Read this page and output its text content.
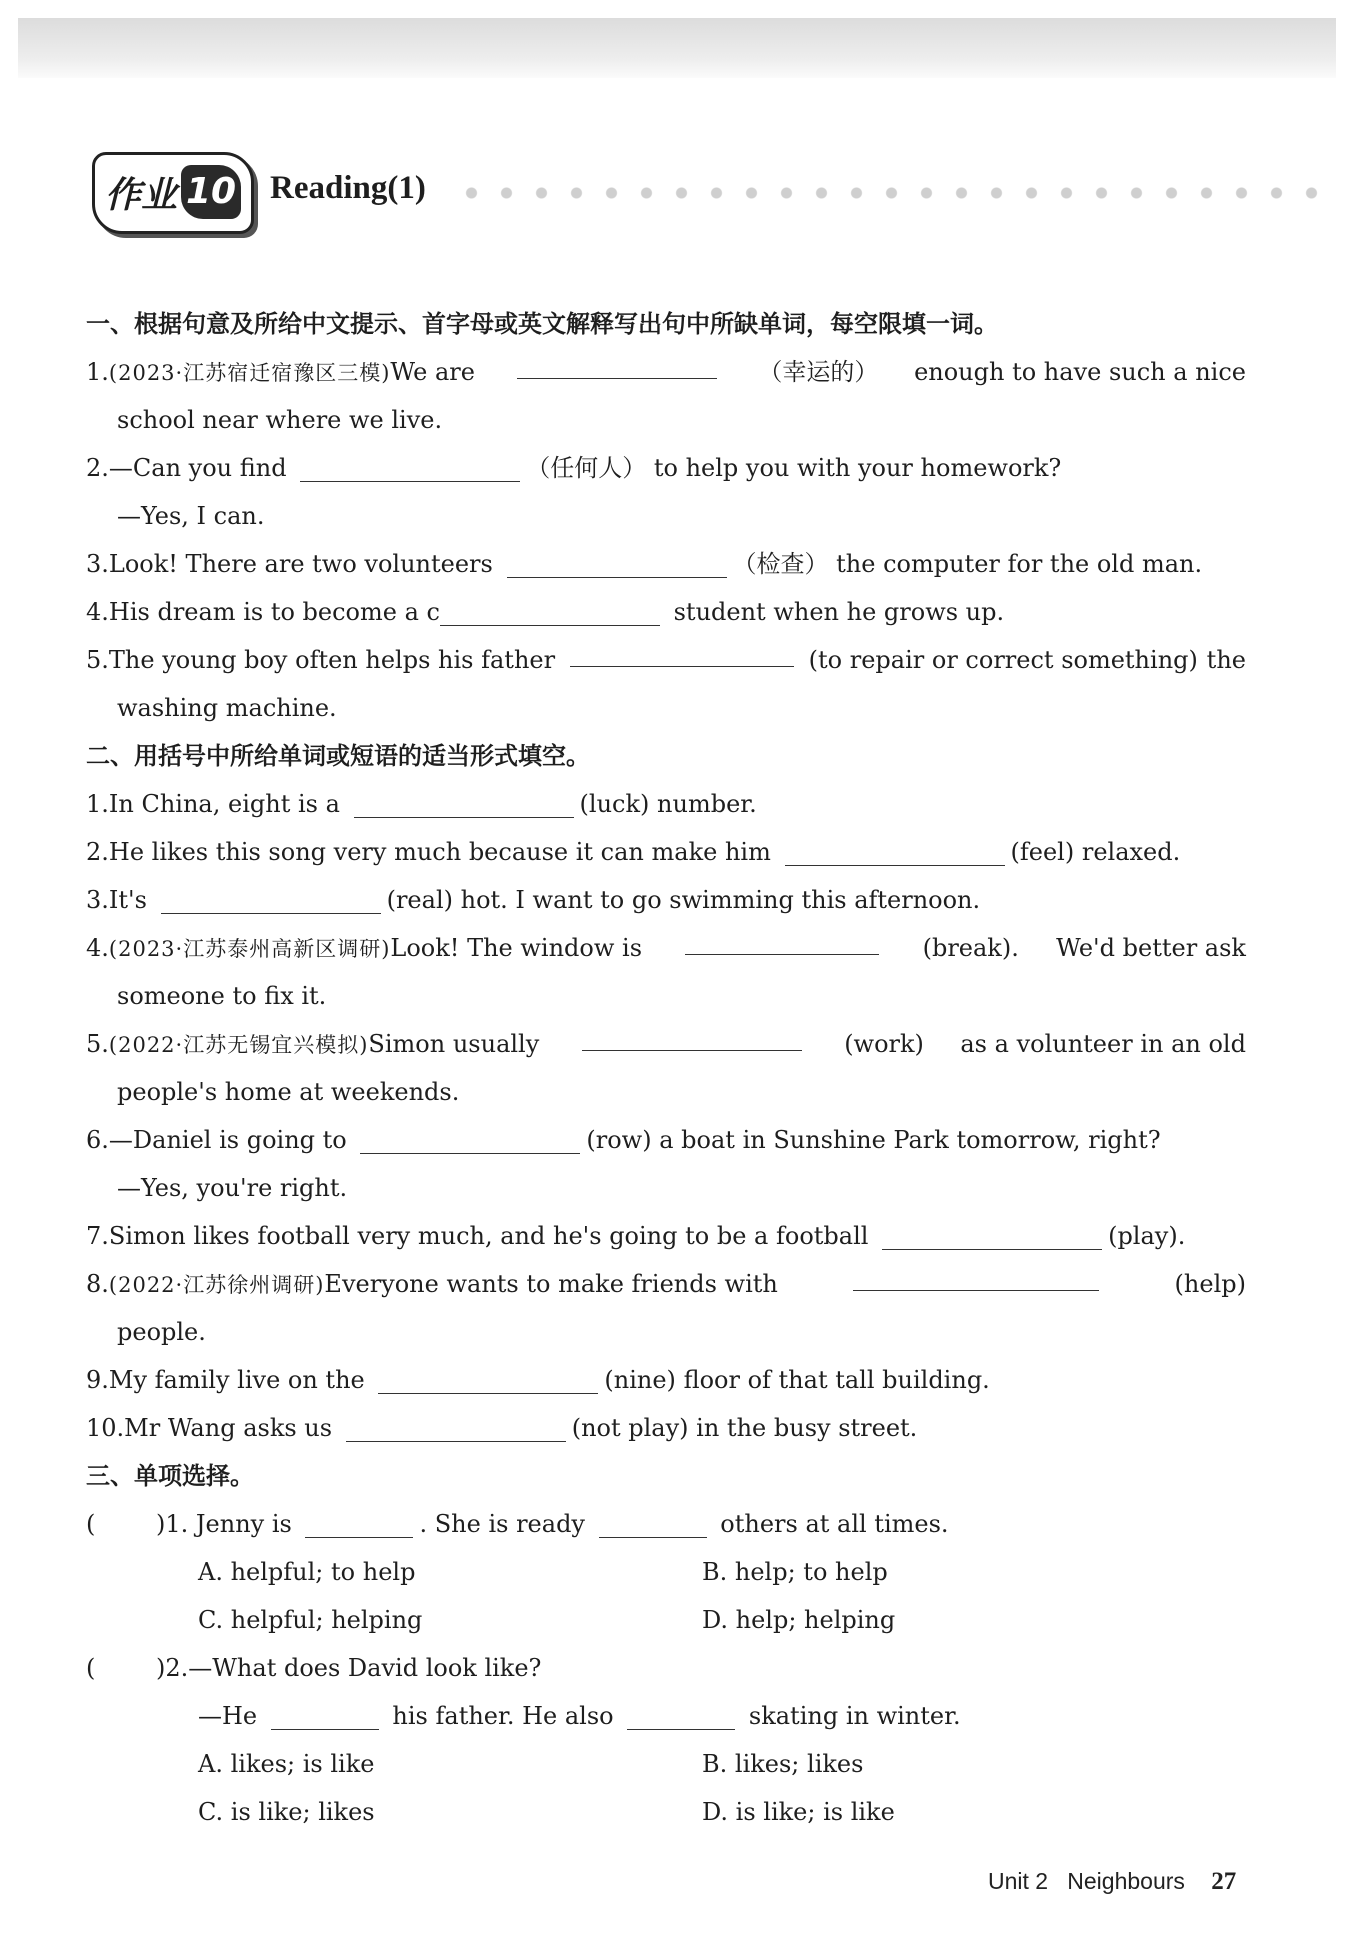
作业 10 Reading(1)
一、根据句意及所给中文提示、首字母或英文解释写出句中所缺单词，每空限填一词。
1.(2023·江苏宿迁宿豫区三模)We are	（幸运的） enough to have such a nice
school near where we live.
2.—Can you find	（任何人） to help you with your homework?
—Yes, I can.
3.Look! There are two volunteers	（检查） the computer for the old man.
4.His dream is to become a c	student when he grows up.
5.The young boy often helps his father	(to repair or correct something) the
washing machine.
二、用括号中所给单词或短语的适当形式填空。
1.In China, eight is a	(luck) number.
2.He likes this song very much because it can make him	(feel) relaxed.
3.It's	(real) hot. I want to go swimming this afternoon.
4.(2023·江苏泰州高新区调研)Look! The window is	(break). We'd better ask
someone to fix it.
5.(2022·江苏无锡宜兴模拟)Simon usually	(work) as a volunteer in an old
people's home at weekends.
6.—Daniel is going to	(row) a boat in Sunshine Park tomorrow, right?
—Yes, you're right.
7.Simon likes football very much, and he's going to be a football	(play).
8.(2022·江苏徐州调研)Everyone wants to make friends with	(help)
people.
9.My family live on the	(nine) floor of that tall building.
10.Mr Wang asks us	(not play) in the busy street.
三、单项选择。
(	)1. Jenny is	. She is ready	others at all times.
A. helpful; to help	B. help; to help
C. helpful; helping	D. help; helping
(	)2.—What does David look like?
—He	his father. He also	skating in winter.
A. likes; is like	B. likes; likes
C. is like; likes	D. is like; is like
Unit 2 Neighbours 27
